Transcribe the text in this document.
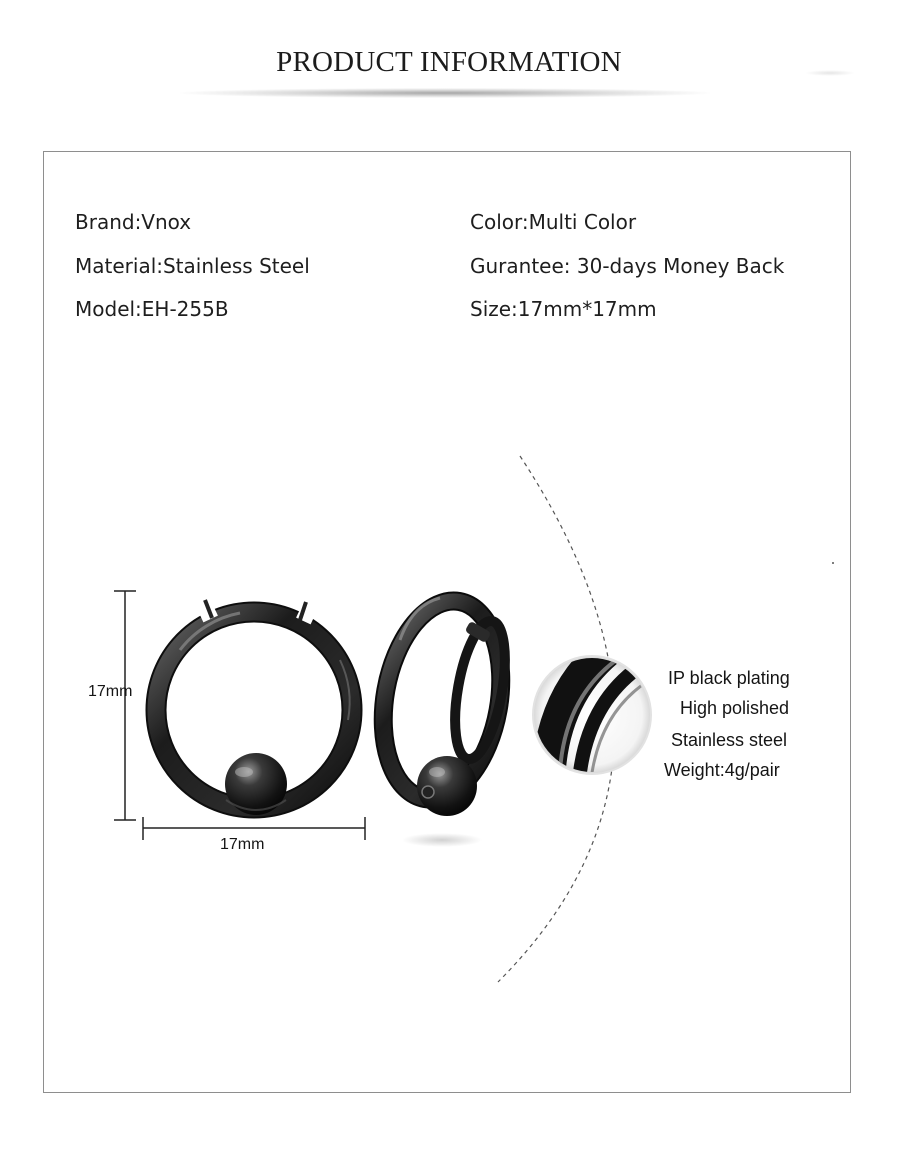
PRODUCT INFORMATION
Brand:Vnox
Material:Stainless Steel
Model:EH-255B
Color:Multi Color
Gurantee: 30-days Money Back
Size:17mm*17mm
17mm
17mm
IP black plating
High polished
Stainless steel
Weight:4g/pair
